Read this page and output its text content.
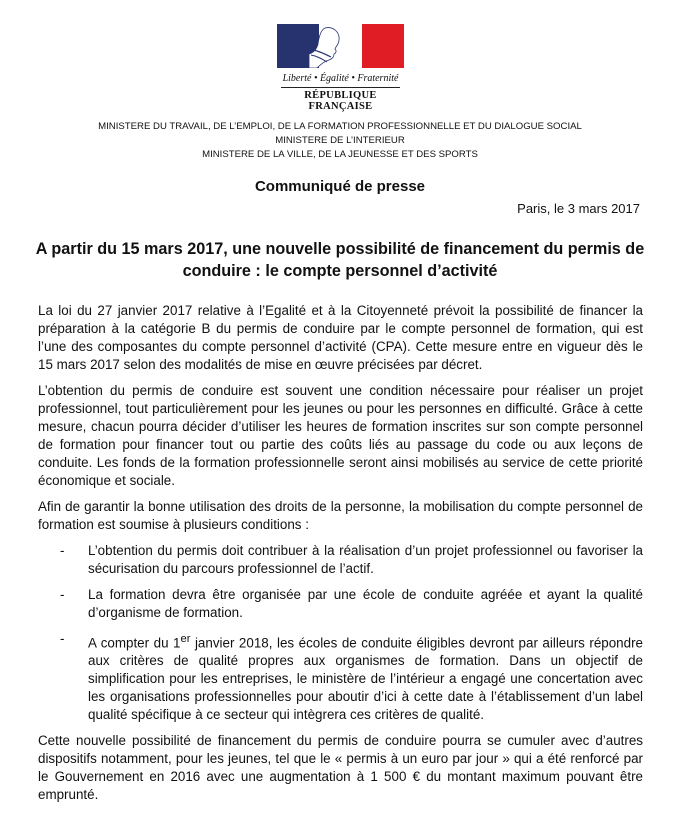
Liberté • Égalité • Fraternité
RÉPUBLIQUE FRANÇAISE
MINISTERE DU TRAVAIL, DE L’EMPLOI, DE LA FORMATION PROFESSIONNELLE ET DU DIALOGUE SOCIAL
MINISTERE DE L’INTERIEUR
MINISTERE DE LA VILLE, DE LA JEUNESSE ET DES SPORTS
Communiqué de presse
Paris, le 3 mars 2017
A partir du 15 mars 2017, une nouvelle possibilité de financement du permis de conduire : le compte personnel d’activité

La loi du 27 janvier 2017 relative à l’Egalité et à la Citoyenneté prévoit la possibilité de financer la préparation à la catégorie B du permis de conduire par le compte personnel de formation, qui est l’une des composantes du compte personnel d’activité (CPA). Cette mesure entre en vigueur dès le 15 mars 2017 selon des modalités de mise en œuvre précisées par décret.

L’obtention du permis de conduire est souvent une condition nécessaire pour réaliser un projet professionnel, tout particulièrement pour les jeunes ou pour les personnes en difficulté. Grâce à cette mesure, chacun pourra décider d’utiliser les heures de formation inscrites sur son compte personnel de formation pour financer tout ou partie des coûts liés au passage du code ou aux leçons de conduite. Les fonds de la formation professionnelle seront ainsi mobilisés au service de cette priorité économique et sociale.

Afin de garantir la bonne utilisation des droits de la personne, la mobilisation du compte personnel de formation est soumise à plusieurs conditions :

-	L’obtention du permis doit contribuer à la réalisation d’un projet professionnel ou favoriser la sécurisation du parcours professionnel de l’actif.
-	La formation devra être organisée par une école de conduite agréée et ayant la qualité d’organisme de formation.
-	A compter du 1er janvier 2018, les écoles de conduite éligibles devront par ailleurs répondre aux critères de qualité propres aux organismes de formation. Dans un objectif de simplification pour les entreprises, le ministère de l’intérieur a engagé une concertation avec les organisations professionnelles pour aboutir d’ici à cette date à l’établissement d’un label qualité spécifique à ce secteur qui intègrera ces critères de qualité.

Cette nouvelle possibilité de financement du permis de conduire pourra se cumuler avec d’autres dispositifs notamment, pour les jeunes, tel que le « permis à un euro par jour » qui a été renforcé par le Gouvernement en 2016 avec une augmentation à 1 500 € du montant maximum pouvant être emprunté.
